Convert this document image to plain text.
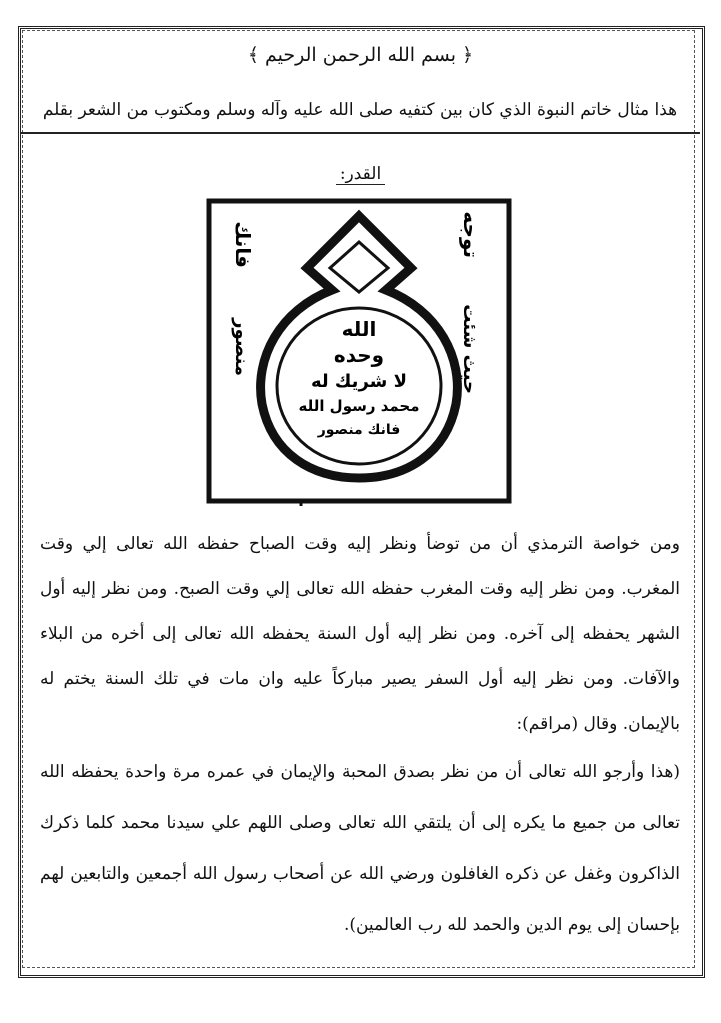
﴿ بسم الله الرحمن الرحيم ﴾
هذا مثال خاتم النبوة الذي كان بين كتفيه صلى الله عليه وآله وسلم ومكتوب من الشعر بقلم
القدر:
الله
وحده
لا شريك له
محمد رسول الله
فانك منصور
توجه
فانك
حيث شئت
منصور

ومن خواصة الترمذي أن من توضأ ونظر إليه وقت الصباح حفظه الله تعالى إلي وقت المغرب. ومن نظر إليه وقت المغرب حفظه الله تعالى إلي وقت الصبح. ومن نظر إليه أول الشهر يحفظه إلى آخره. ومن نظر إليه أول السنة يحفظه الله تعالى إلى أخره من البلاء والآفات. ومن نظر إليه أول السفر يصير مباركاً عليه وان مات في تلك السنة يختم له بالإيمان. وقال (مراقم):

(هذا وأرجو الله تعالى أن من نظر بصدق المحبة والإيمان في عمره مرة واحدة يحفظه الله تعالى من جميع ما يكره إلى أن يلتقي الله تعالى وصلى اللهم علي سيدنا محمد كلما ذكرك الذاكرون وغفل عن ذكره الغافلون ورضي الله عن أصحاب رسول الله أجمعين والتابعين لهم بإحسان إلى يوم الدين والحمد لله رب العالمين).
